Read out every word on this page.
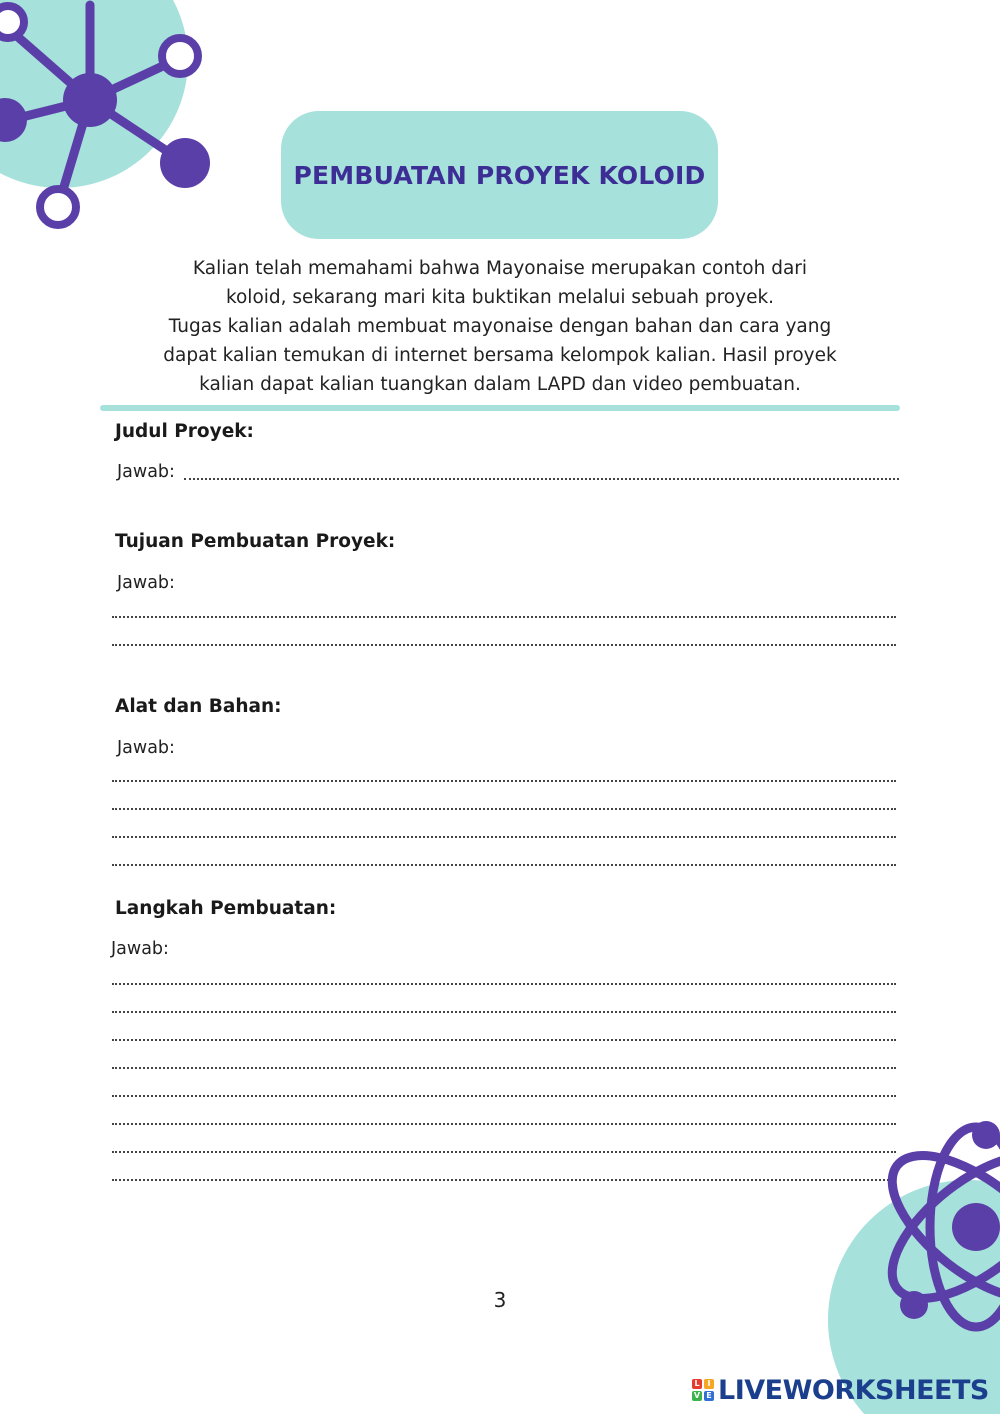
PEMBUATAN PROYEK KOLOID
Kalian telah memahami bahwa Mayonaise merupakan contoh dari
koloid, sekarang mari kita buktikan melalui sebuah proyek.
Tugas kalian adalah membuat mayonaise dengan bahan dan cara yang
dapat kalian temukan di internet bersama kelompok kalian. Hasil proyek
kalian dapat kalian tuangkan dalam LAPD dan video pembuatan.
Judul Proyek:
Jawab:
Tujuan Pembuatan Proyek:
Jawab:
Alat dan Bahan:
Jawab:
Langkah Pembuatan:
Jawab:
3
L I
V E LIVEWORKSHEETS
